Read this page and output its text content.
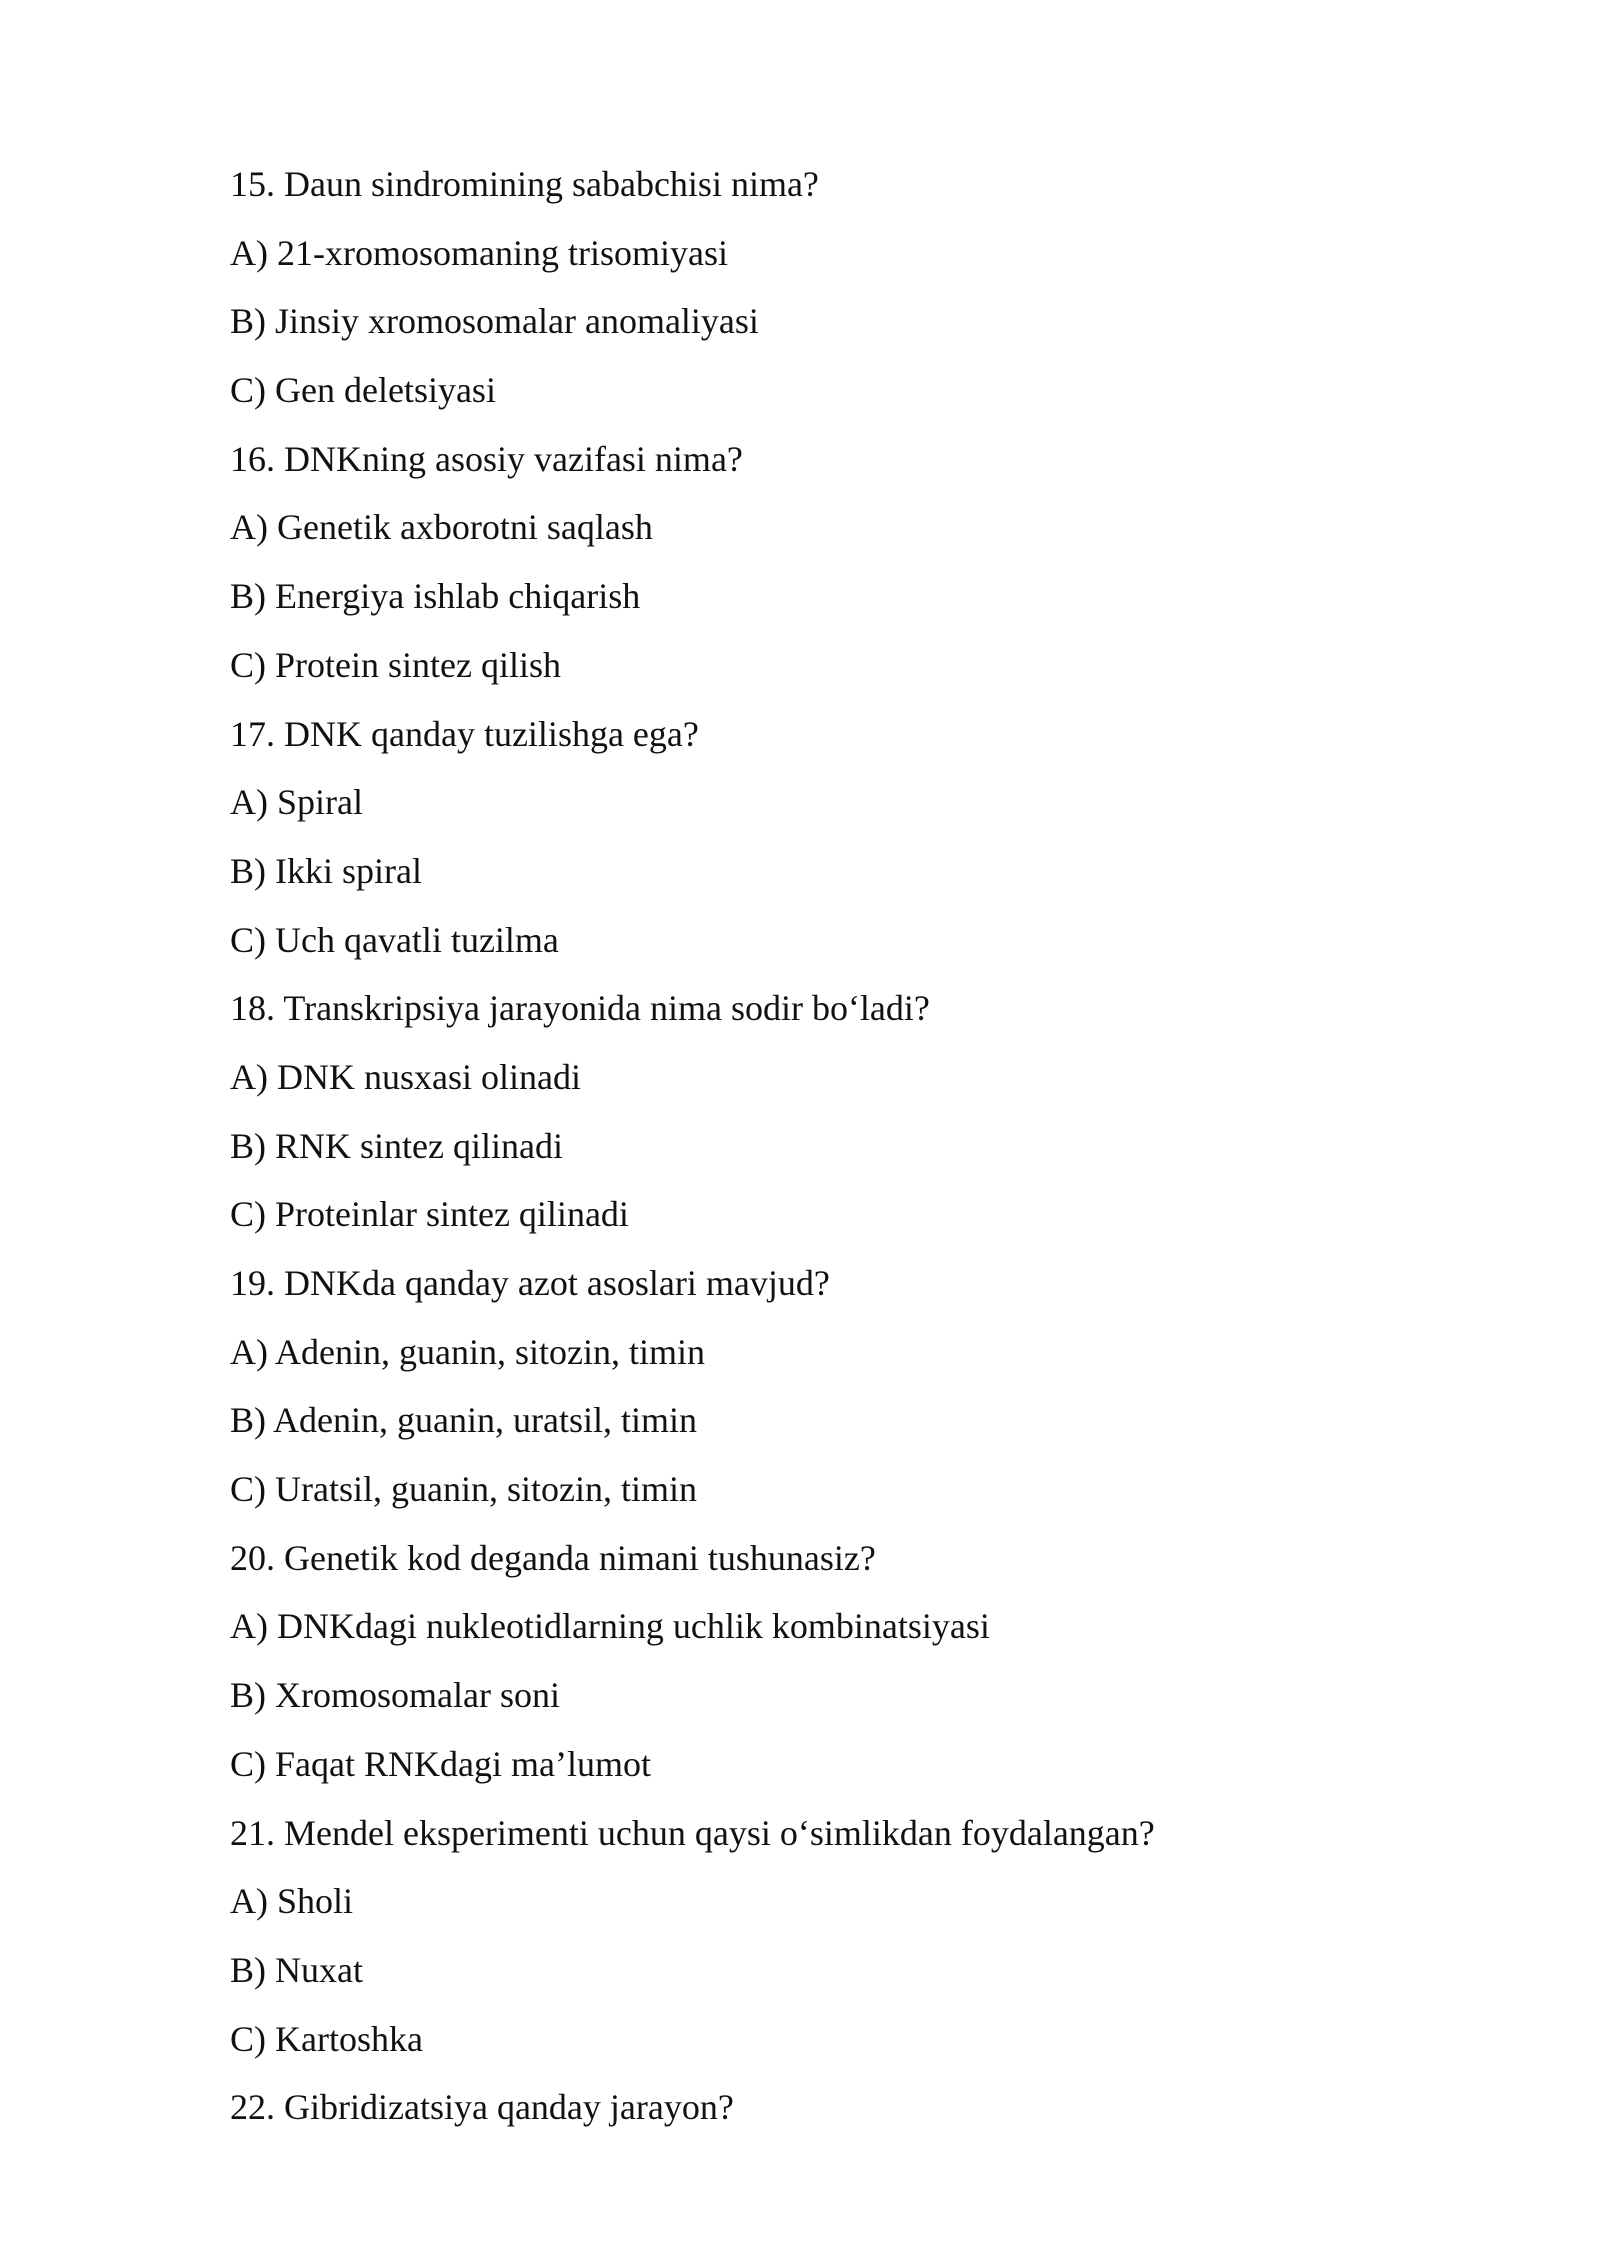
15. Daun sindromining sababchisi nima?
A) 21-xromosomaning trisomiyasi
B) Jinsiy xromosomalar anomaliyasi
C) Gen deletsiyasi
16. DNKning asosiy vazifasi nima?
A) Genetik axborotni saqlash
B) Energiya ishlab chiqarish
C) Protein sintez qilish
17. DNK qanday tuzilishga ega?
A) Spiral
B) Ikki spiral
C) Uch qavatli tuzilma
18. Transkripsiya jarayonida nima sodir bo‘ladi?
A) DNK nusxasi olinadi
B) RNK sintez qilinadi
C) Proteinlar sintez qilinadi
19. DNKda qanday azot asoslari mavjud?
A) Adenin, guanin, sitozin, timin
B) Adenin, guanin, uratsil, timin
C) Uratsil, guanin, sitozin, timin
20. Genetik kod deganda nimani tushunasiz?
A) DNKdagi nukleotidlarning uchlik kombinatsiyasi
B) Xromosomalar soni
C) Faqat RNKdagi ma’lumot
21. Mendel eksperimenti uchun qaysi o‘simlikdan foydalangan?
A) Sholi
B) Nuxat
C) Kartoshka
22. Gibridizatsiya qanday jarayon?
